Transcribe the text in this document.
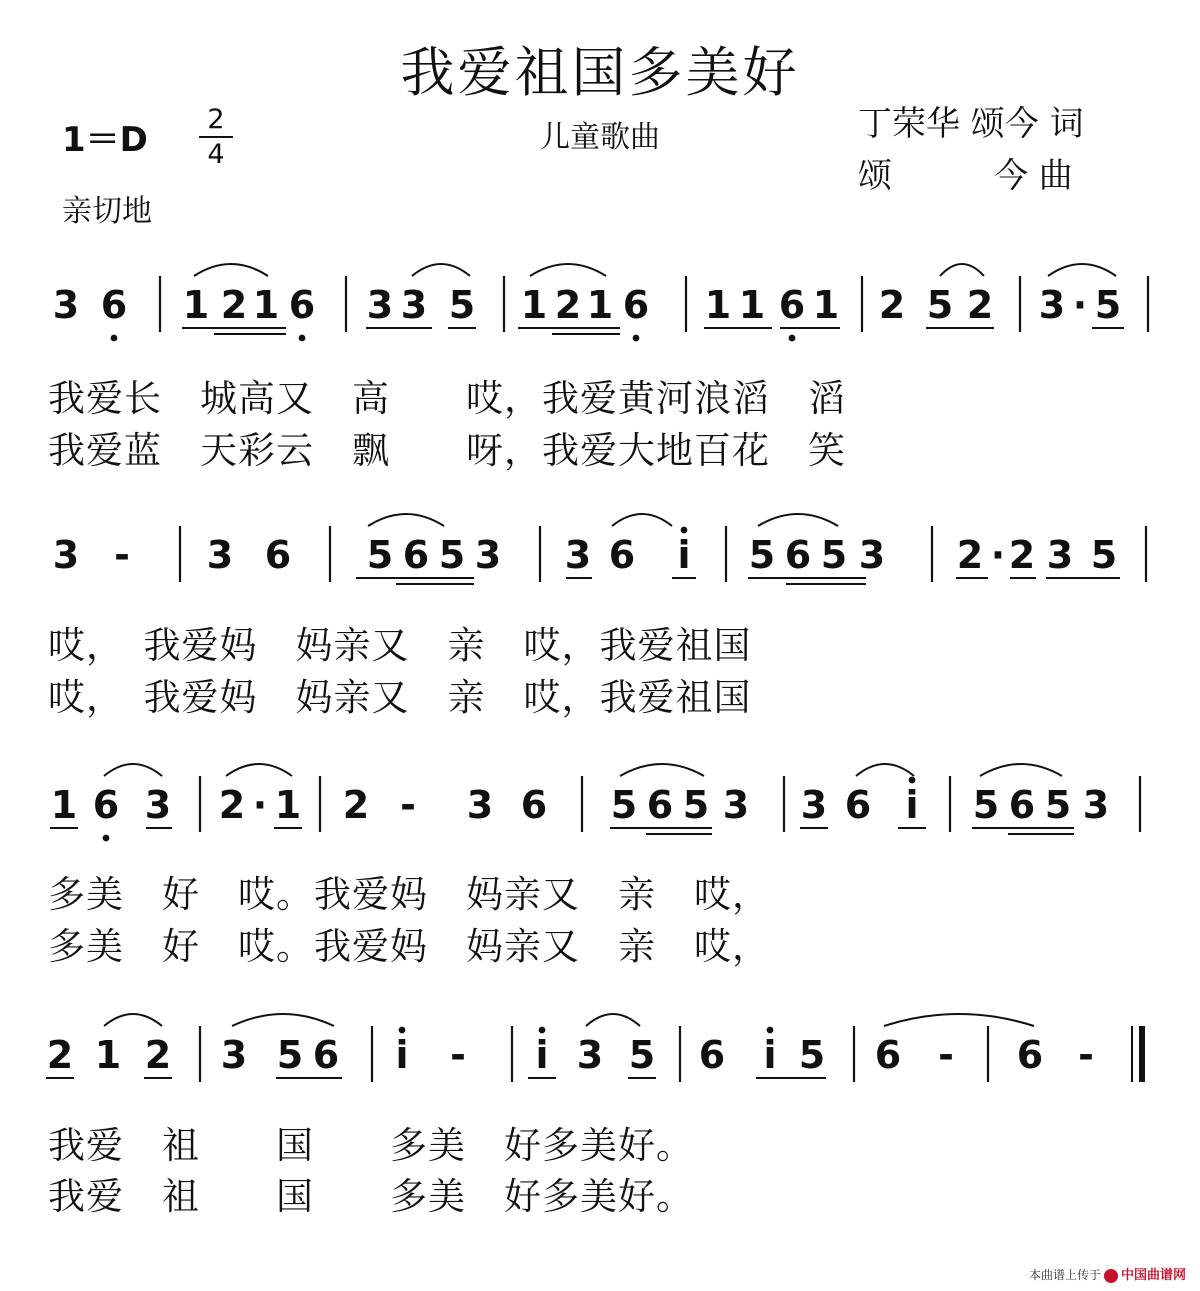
我爱祖国多美好
儿童歌曲
1＝D
2
4
丁荣华 颂今 词
颂　　　今 曲
亲切地
3 6 1 2 1 6 3 3 5 1 2 1 6 1 1 6 1 2 5 2 3 · 5
3 - 3 6 5 6 5 3 3 6 i 5 6 5 3 2 · 2 3 5
1 6 3 2 · 1 2 - 3 6 5 6 5 3 3 6 i 5 6 5 3
2 1 2 3 5 6 i - i 3 5 6 i 5 6 - 6 -
我爱长　城高又　高　　哎，我爱黄河浪滔　滔
我爱蓝　天彩云　飘　　呀，我爱大地百花　笑
哎，　我爱妈　妈亲又　亲　哎，我爱祖国
哎，　我爱妈　妈亲又　亲　哎，我爱祖国
多美　好　哎。我爱妈　妈亲又　亲　哎，
多美　好　哎。我爱妈　妈亲又　亲　哎，
我爱　祖　　国　　多美　好多美好。
我爱　祖　　国　　多美　好多美好。
本曲谱上传于 中国曲谱网
